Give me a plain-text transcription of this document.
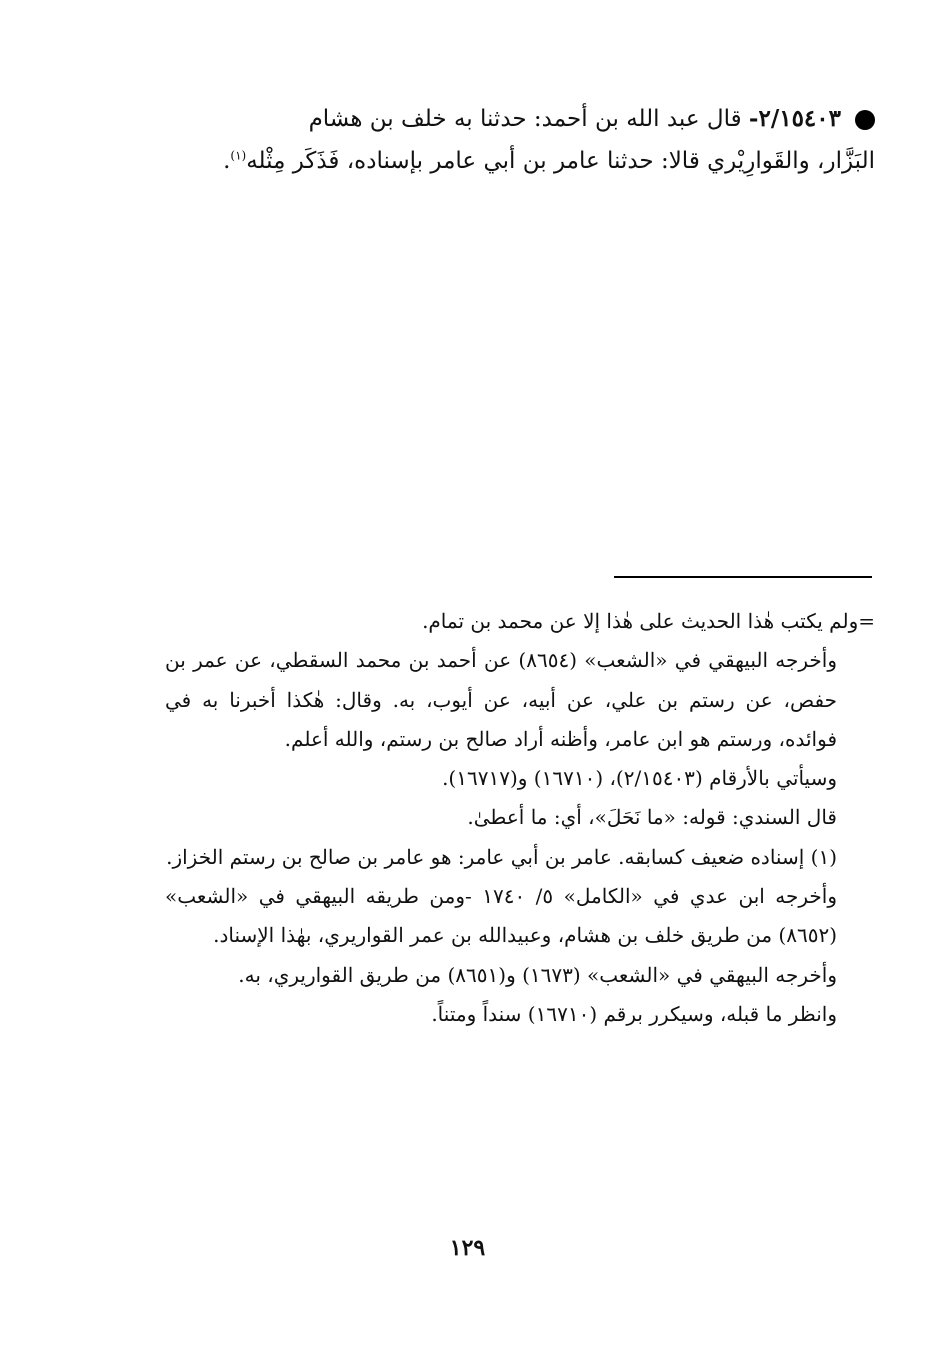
٢/١٥٤٠٣- قال عبد الله بن أحمد: حدثنا به خلف بن هشام
البَزَّار، والقَوارِيْري قالا: حدثنا عامر بن أبي عامر بإسناده، فَذَكَر مِثْله$^{(١)}$.

=ولم يكتب هٰذا الحديث على هٰذا إلا عن محمد بن تمام.

وأخرجه البيهقي في «الشعب» (٨٦٥٤) عن أحمد بن محمد السقطي، عن عمر بن حفص، عن رستم بن علي، عن أبيه، عن أيوب، به. وقال: هٰكذا أخبرنا به في فوائده، ورستم هو ابن عامر، وأظنه أراد صالح بن رستم، والله أعلم.

وسيأتي بالأرقام (٢/١٥٤٠٣)، (١٦٧١٠) و(١٦٧١٧).

قال السندي: قوله: «ما نَحَلَ»، أي: ما أعطىٰ.

(١) إسناده ضعيف كسابقه. عامر بن أبي عامر: هو عامر بن صالح بن رستم الخزاز.

وأخرجه ابن عدي في «الكامل» ٥/ ١٧٤٠ -ومن طريقه البيهقي في «الشعب» (٨٦٥٢) من طريق خلف بن هشام، وعبيدالله بن عمر القواريري، بهٰذا الإسناد.

وأخرجه البيهقي في «الشعب» (١٦٧٣) و(٨٦٥١) من طريق القواريري، به.

وانظر ما قبله، وسيكرر برقم (١٦٧١٠) سنداً ومتناً.

١٢٩
